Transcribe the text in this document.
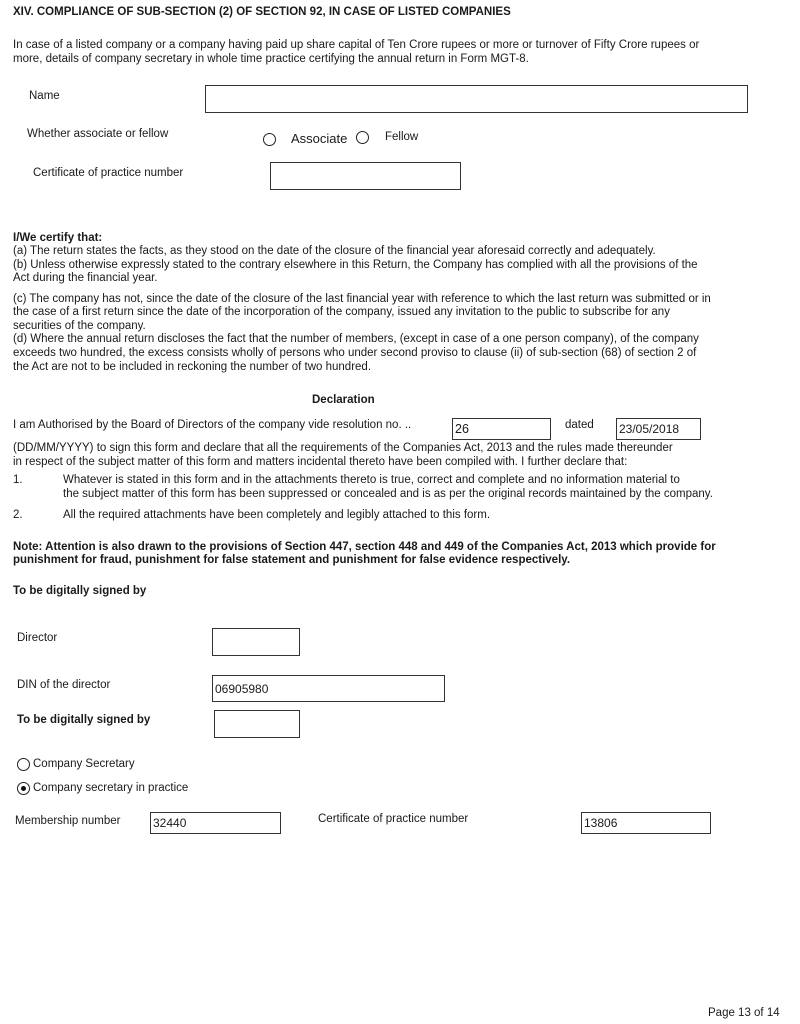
XIV. COMPLIANCE OF SUB-SECTION (2) OF SECTION 92, IN CASE OF LISTED COMPANIES
In case of a listed company or a company having paid up share capital of Ten Crore rupees or more or turnover of Fifty Crore rupees or
more, details of company secretary in whole time practice certifying the annual return in Form MGT-8.
Name
Whether associate or fellow	Associate	Fellow
Certificate of practice number
I/We certify that:
(a) The return states the facts, as they stood on the date of the closure of the financial year aforesaid correctly and adequately.
(b) Unless otherwise expressly stated to the contrary elsewhere in this Return, the Company has complied with all the provisions of the
Act during the financial year.
(c) The company has not, since the date of the closure of the last financial year with reference to which the last return was submitted or in
the case of a first return since the date of the incorporation of the company, issued any invitation to the public to subscribe for any
securities of the company.
(d) Where the annual return discloses the fact that the number of members, (except in case of a one person company), of the company
exceeds two hundred, the excess consists wholly of persons who under second proviso to clause (ii) of sub-section (68) of section 2 of
the Act are not to be included in reckoning the number of two hundred.
Declaration
I am Authorised by the Board of Directors of the company vide resolution no. ..	26	dated 23/05/2018
(DD/MM/YYYY) to sign this form and declare that all the requirements of the Companies Act, 2013 and the rules made thereunder
in respect of the subject matter of this form and matters incidental thereto have been compiled with. I further declare that:
1.	Whatever is stated in this form and in the attachments thereto is true, correct and complete and no information material to
the subject matter of this form has been suppressed or concealed and is as per the original records maintained by the company.
2.	All the required attachments have been completely and legibly attached to this form.
Note: Attention is also drawn to the provisions of Section 447, section 448 and 449 of the Companies Act, 2013 which provide for
punishment for fraud, punishment for false statement and punishment for false evidence respectively.
To be digitally signed by
Director
DIN of the director	06905980
To be digitally signed by
Company Secretary
Company secretary in practice
Membership number	32440	Certificate of practice number	13806
Page 13 of 14
